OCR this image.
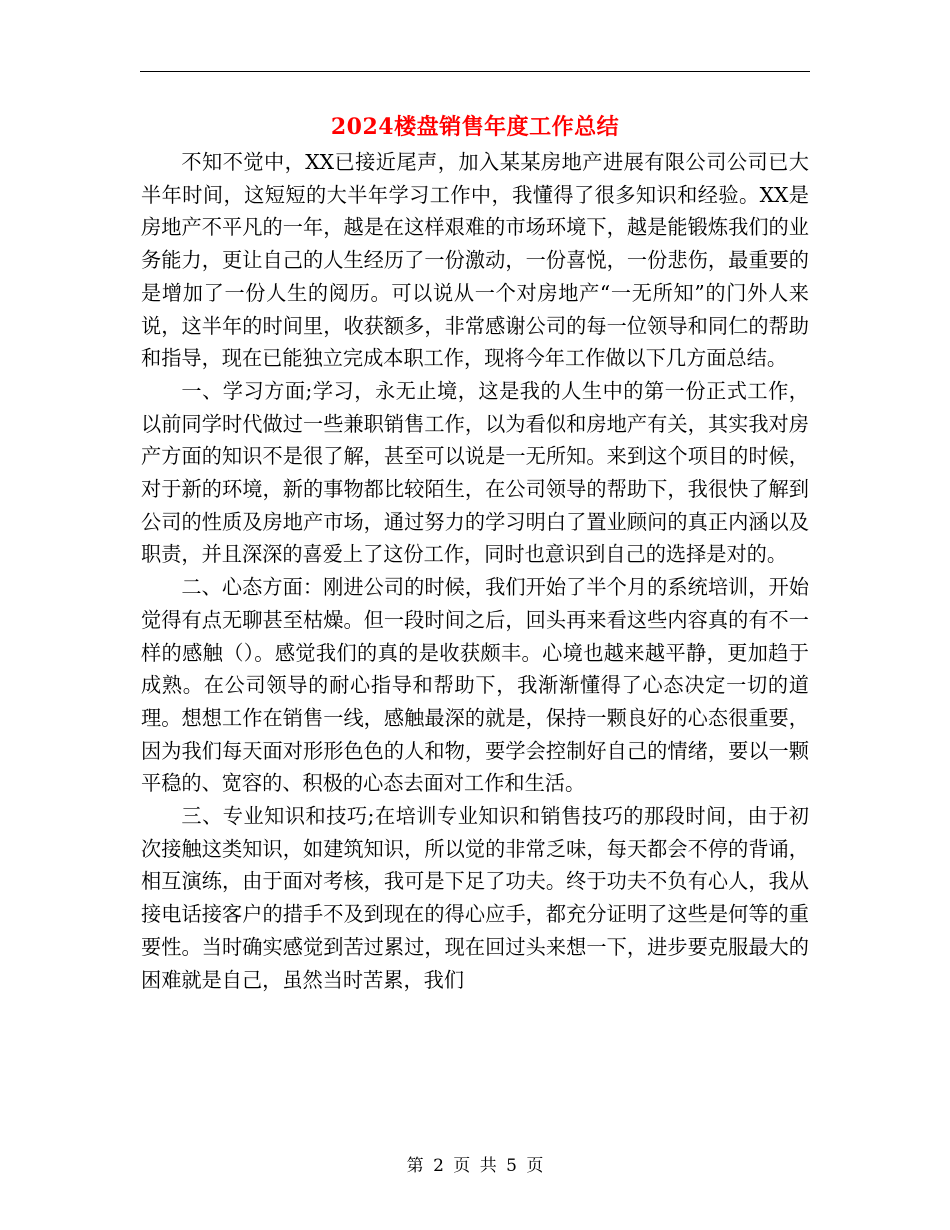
2024楼盘销售年度工作总结

不知不觉中，XX已接近尾声，加入某某房地产进展有限公司公司已大半年时间，这短短的大半年学习工作中，我懂得了很多知识和经验。XX是房地产不平凡的一年，越是在这样艰难的市场环境下，越是能锻炼我们的业务能力，更让自己的人生经历了一份激动，一份喜悦，一份悲伤，最重要的是增加了一份人生的阅历。可以说从一个对房地产“一无所知”的门外人来说，这半年的时间里，收获额多，非常感谢公司的每一位领导和同仁的帮助和指导，现在已能独立完成本职工作，现将今年工作做以下几方面总结。

一、学习方面;学习，永无止境，这是我的人生中的第一份正式工作，以前同学时代做过一些兼职销售工作，以为看似和房地产有关，其实我对房产方面的知识不是很了解，甚至可以说是一无所知。来到这个项目的时候，对于新的环境，新的事物都比较陌生，在公司领导的帮助下，我很快了解到公司的性质及房地产市场，通过努力的学习明白了置业顾问的真正内涵以及职责，并且深深的喜爱上了这份工作，同时也意识到自己的选择是对的。

二、心态方面：刚进公司的时候，我们开始了半个月的系统培训，开始觉得有点无聊甚至枯燥。但一段时间之后，回头再来看这些内容真的有不一样的感触（）。感觉我们的真的是收获颇丰。心境也越来越平静，更加趋于成熟。在公司领导的耐心指导和帮助下，我渐渐懂得了心态决定一切的道理。想想工作在销售一线，感触最深的就是，保持一颗良好的心态很重要，因为我们每天面对形形色色的人和物，要学会控制好自己的情绪，要以一颗平稳的、宽容的、积极的心态去面对工作和生活。

三、专业知识和技巧;在培训专业知识和销售技巧的那段时间，由于初次接触这类知识，如建筑知识，所以觉的非常乏味，每天都会不停的背诵，相互演练，由于面对考核，我可是下足了功夫。终于功夫不负有心人，我从接电话接客户的措手不及到现在的得心应手，都充分证明了这些是何等的重要性。当时确实感觉到苦过累过，现在回过头来想一下，进步要克服最大的困难就是自己，虽然当时苦累，我们

第 2 页 共 5 页
